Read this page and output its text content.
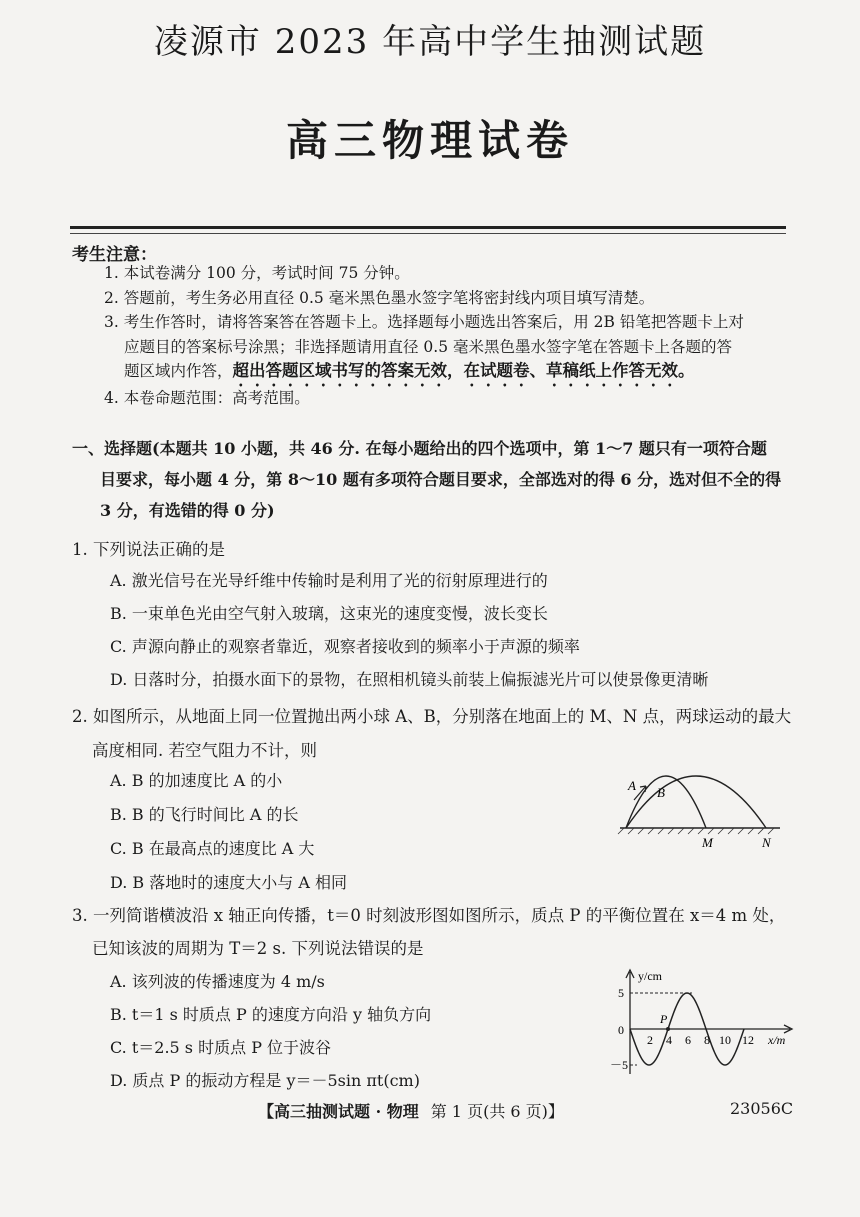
凌源市 2023 年高中学生抽测试题
高三物理试卷
考生注意：
1. 本试卷满分 100 分，考试时间 75 分钟。
2. 答题前，考生务必用直径 0.5 毫米黑色墨水签字笔将密封线内项目填写清楚。
3. 考生作答时，请将答案答在答题卡上。选择题每小题选出答案后，用 2B 铅笔把答题卡上对
应题目的答案标号涂黑；非选择题请用直径 0.5 毫米黑色墨水签字笔在答题卡上各题的答
题区域内作答，超出答题区域书写的答案无效，在试题卷、草稿纸上作答无效。
4. 本卷命题范围：高考范围。
一、选择题(本题共 10 小题，共 46 分. 在每小题给出的四个选项中，第 1～7 题只有一项符合题
目要求，每小题 4 分，第 8～10 题有多项符合题目要求，全部选对的得 6 分，选对但不全的得
3 分，有选错的得 0 分)
1. 下列说法正确的是
A. 激光信号在光导纤维中传输时是利用了光的衍射原理进行的
B. 一束单色光由空气射入玻璃，这束光的速度变慢，波长变长
C. 声源向静止的观察者靠近，观察者接收到的频率小于声源的频率
D. 日落时分，拍摄水面下的景物，在照相机镜头前装上偏振滤光片可以使景像更清晰
2. 如图所示，从地面上同一位置抛出两小球 A、B，分别落在地面上的 M、N 点，两球运动的最大
高度相同. 若空气阻力不计，则
A. B 的加速度比 A 的小
B. B 的飞行时间比 A 的长
C. B 在最高点的速度比 A 大
D. B 落地时的速度大小与 A 相同
A B
M	N
3. 一列简谐横波沿 x 轴正向传播，t＝0 时刻波形图如图所示，质点 P 的平衡位置在 x＝4 m 处，
已知该波的周期为 T＝2 s. 下列说法错误的是
A. 该列波的传播速度为 4 m/s
B. t＝1 s 时质点 P 的速度方向沿 y 轴负方向
C. t＝2.5 s 时质点 P 位于波谷
D. 质点 P 的振动方程是 y＝－5sin πt(cm)
y/cm
x/m
5
－5
0
2 4 6 8 10 12
P
【高三抽测试题 · 物理 第 1 页(共 6 页)】	23056C
